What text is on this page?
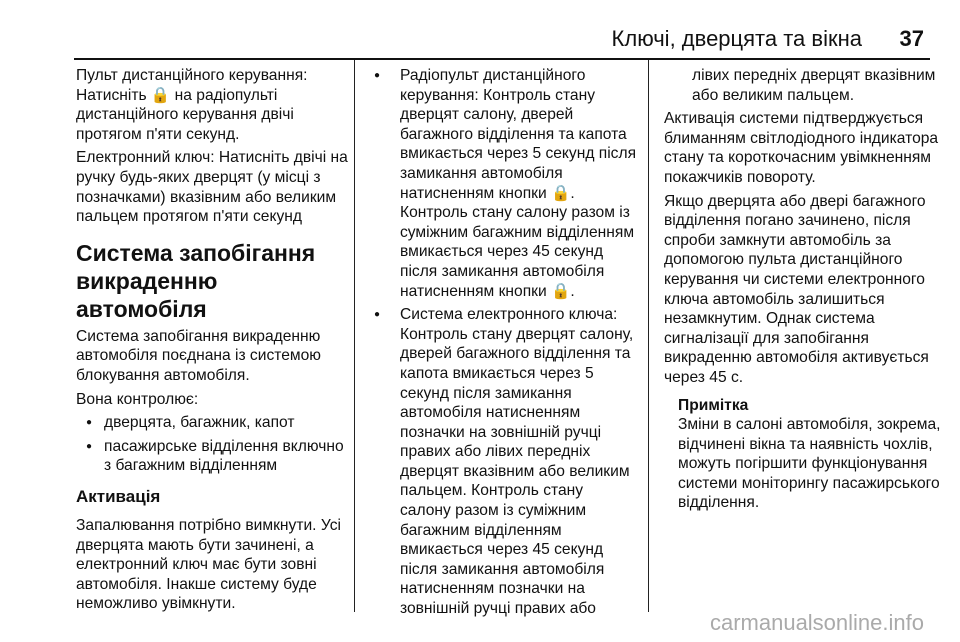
Ключі, дверцята та вікна 37

Пульт дистанційного керування: Натисніть 🔒 на радіопульті дистанційного керування двічі протягом п'яти секунд.

Електронний ключ: Натисніть двічі на ручку будь-яких дверцят (у місці з позначками) вказівним або великим пальцем протягом п'яти секунд

Система запобігання викраденню автомобіля

Система запобігання викраденню автомобіля поєднана із системою блокування автомобіля.

Вона контролює:

● дверцята, багажник, капот
● пасажирське відділення включно з багажним відділенням
Активація

Запалювання потрібно вимкнути. Усі дверцята мають бути зачинені, а електронний ключ має бути зовні автомобіля. Інакше систему буде неможливо увімкнути.

● Радіопульт дистанційного керування: Контроль стану дверцят салону, дверей багажного відділення та капота вмикається через 5 секунд після замикання автомобіля натисненням кнопки 🔒. Контроль стану салону разом із суміжним багажним відділенням вмикається через 45 секунд після замикання автомобіля натисненням кнопки 🔒.
● Система електронного ключа: Контроль стану дверцят салону, дверей багажного відділення та капота вмикається через 5 секунд після замикання автомобіля натисненням позначки на зовнішній ручці правих або лівих передніх дверцят вказівним або великим пальцем. Контроль стану салону разом із суміжним багажним відділенням вмикається через 45 секунд після замикання автомобіля натисненням позначки на зовнішній ручці правих або

лівих передніх дверцят вказівним або великим пальцем.

Активація системи підтверджується блиманням світлодіодного індикатора стану та короткочасним увімкненням покажчиків повороту.

Якщо дверцята або двері багажного відділення погано зачинено, після спроби замкнути автомобіль за допомогою пульта дистанційного керування чи системи електронного ключа автомобіль залишиться незамкнутим. Однак система сигналізації для запобігання викраденню автомобіля активується через 45 с.

Примітка
Зміни в салоні автомобіля, зокрема, відчинені вікна та наявність чохлів, можуть погіршити функціонування системи моніторингу пасажирського відділення.
carmanualsonline.info
